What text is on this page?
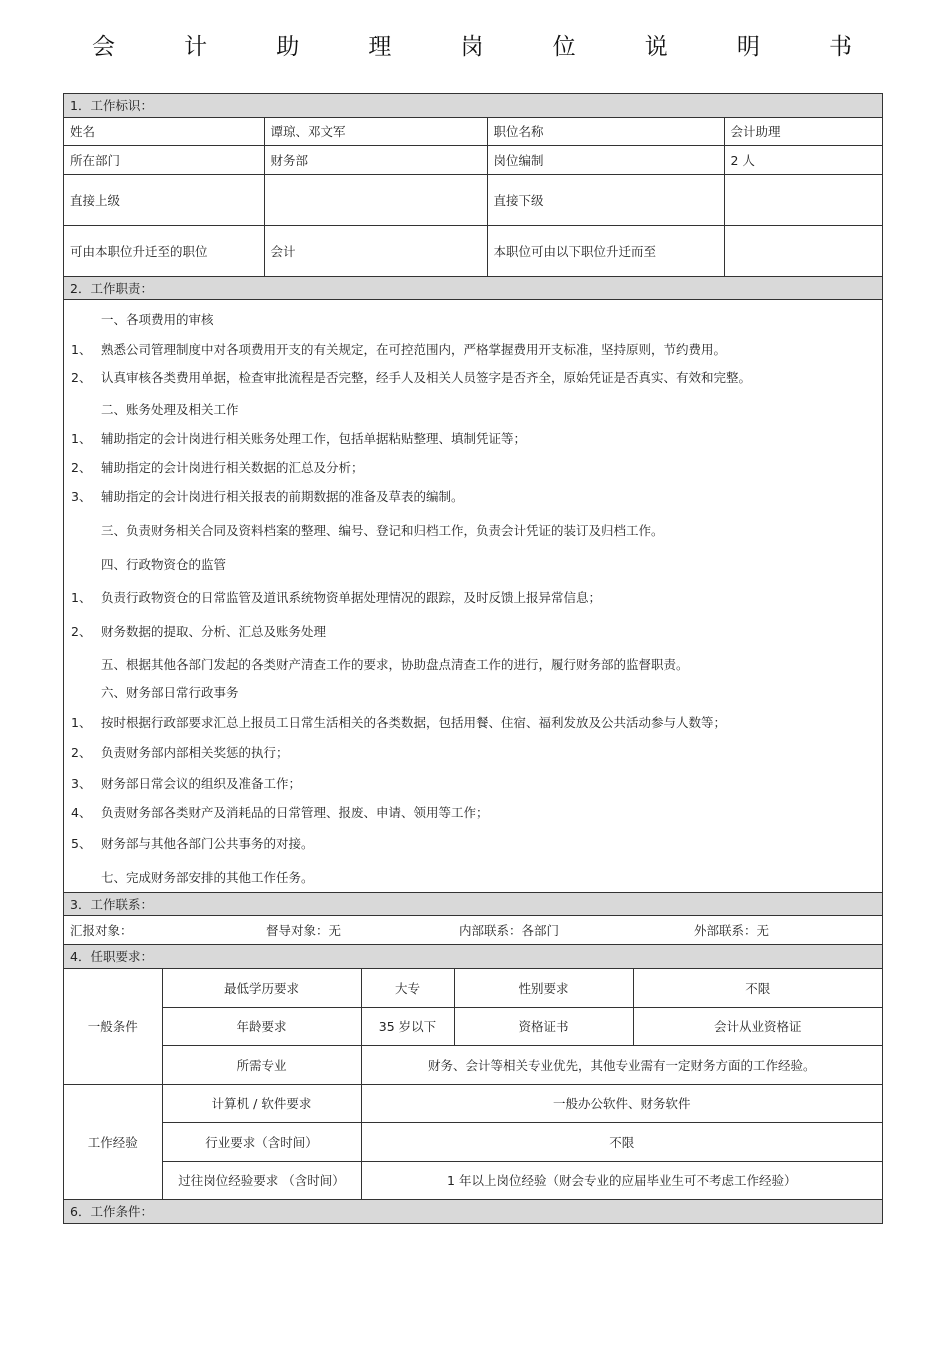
会	计	助	理	岗	位	说	明	书
1．工作标识：
姓名	谭琼、邓文军	职位名称	会计助理
所在部门	财务部	岗位编制	2 人
直接上级		直接下级	
可由本职位升迁至的职位	会计	本职位可由以下职位升迁而至	
2．工作职责：

一、各项费用的审核

1、 熟悉公司管理制度中对各项费用开支的有关规定，在可控范围内，严格掌握费用开支标准，坚持原则，节约费用。

2、 认真审核各类费用单据，检查审批流程是否完整，经手人及相关人员签字是否齐全，原始凭证是否真实、有效和完整。

二、账务处理及相关工作

1、 辅助指定的会计岗进行相关账务处理工作，包括单据粘贴整理、填制凭证等；

2、 辅助指定的会计岗进行相关数据的汇总及分析；

3、 辅助指定的会计岗进行相关报表的前期数据的准备及草表的编制。

三、负责财务相关合同及资料档案的整理、编号、登记和归档工作，负责会计凭证的装订及归档工作。

四、行政物资仓的监管

1、 负责行政物资仓的日常监管及道讯系统物资单据处理情况的跟踪，及时反馈上报异常信息；

2、 财务数据的提取、分析、汇总及账务处理

五、根据其他各部门发起的各类财产清查工作的要求，协助盘点清查工作的进行，履行财务部的监督职责。

六、财务部日常行政事务

1、 按时根据行政部要求汇总上报员工日常生活相关的各类数据，包括用餐、住宿、福利发放及公共活动参与人数等；

2、 负责财务部内部相关奖惩的执行；

3、 财务部日常会议的组织及准备工作；

4、 负责财务部各类财产及消耗品的日常管理、报废、申请、领用等工作；

5、 财务部与其他各部门公共事务的对接。

七、完成财务部安排的其他工作任务。

3．工作联系：
汇报对象：	督导对象：无	内部联系：各部门	外部联系：无
4．任职要求：
一般条件	最低学历要求	大专	性别要求	不限
	年龄要求	35 岁以下	资格证书	会计从业资格证
	所需专业	财务、会计等相关专业优先，其他专业需有一定财务方面的工作经验。		
工作经验	计算机 / 软件要求	一般办公软件、财务软件		
	行业要求（含时间）	不限		
	过往岗位经验要求 （含时间）	1 年以上岗位经验（财会专业的应届毕业生可不考虑工作经验）		
6．工作条件：
